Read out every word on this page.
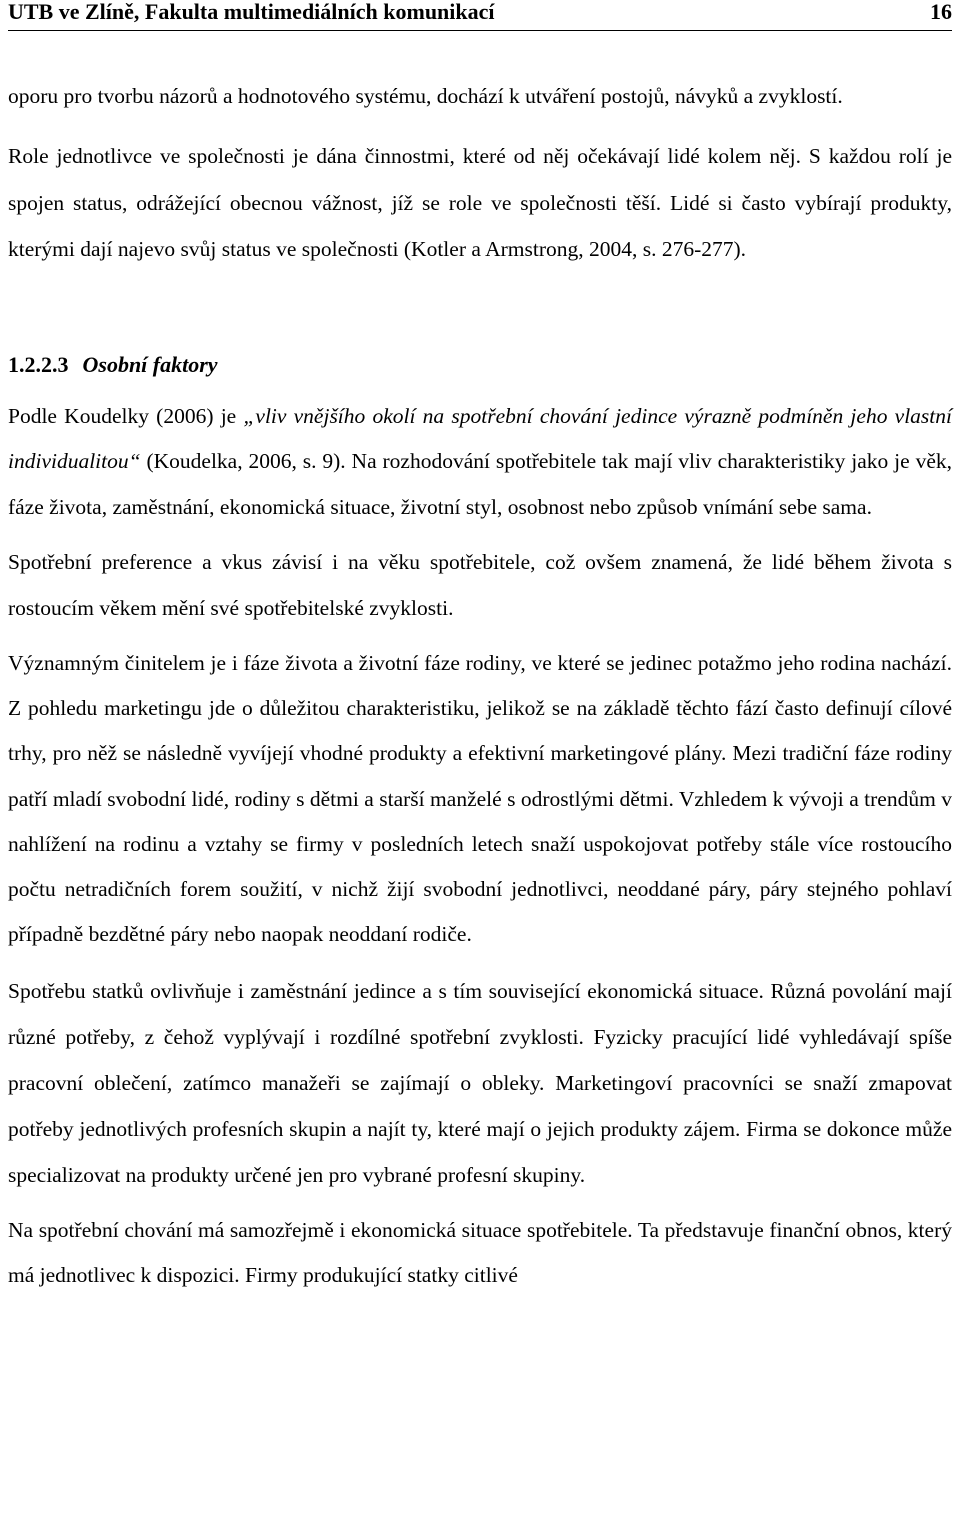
UTB ve Zlíně, Fakulta multimediálních komunikací	16

oporu pro tvorbu názorů a hodnotového systému, dochází k utváření postojů, návyků a zvyklostí.

Role jednotlivce ve společnosti je dána činnostmi, které od něj očekávají lidé kolem něj. S každou rolí je spojen status, odrážející obecnou vážnost, jíž se role ve společnosti těší. Lidé si často vybírají produkty, kterými dají najevo svůj status ve společnosti (Kotler a Armstrong, 2004, s. 276-277).

1.2.2.3 Osobní faktory

Podle Koudelky (2006) je „vliv vnějšího okolí na spotřební chování jedince výrazně podmíněn jeho vlastní individualitou“ (Koudelka, 2006, s. 9). Na rozhodování spotřebitele tak mají vliv charakteristiky jako je věk, fáze života, zaměstnání, ekonomická situace, životní styl, osobnost nebo způsob vnímání sebe sama.

Spotřební preference a vkus závisí i na věku spotřebitele, což ovšem znamená, že lidé během života s rostoucím věkem mění své spotřebitelské zvyklosti.

Významným činitelem je i fáze života a životní fáze rodiny, ve které se jedinec potažmo jeho rodina nachází. Z pohledu marketingu jde o důležitou charakteristiku, jelikož se na základě těchto fází často definují cílové trhy, pro něž se následně vyvíjejí vhodné produkty a efektivní marketingové plány. Mezi tradiční fáze rodiny patří mladí svobodní lidé, rodiny s dětmi a starší manželé s odrostlými dětmi. Vzhledem k vývoji a trendům v nahlížení na rodinu a vztahy se firmy v posledních letech snaží uspokojovat potřeby stále více rostoucího počtu netradičních forem soužití, v nichž žijí svobodní jednotlivci, neoddané páry, páry stejného pohlaví případně bezdětné páry nebo naopak neoddaní rodiče.

Spotřebu statků ovlivňuje i zaměstnání jedince a s tím související ekonomická situace. Různá povolání mají různé potřeby, z čehož vyplývají i rozdílné spotřební zvyklosti. Fyzicky pracující lidé vyhledávají spíše pracovní oblečení, zatímco manažeři se zajímají o obleky. Marketingoví pracovníci se snaží zmapovat potřeby jednotlivých profesních skupin a najít ty, které mají o jejich produkty zájem. Firma se dokonce může specializovat na produkty určené jen pro vybrané profesní skupiny.

Na spotřební chování má samozřejmě i ekonomická situace spotřebitele. Ta představuje finanční obnos, který má jednotlivec k dispozici. Firmy produkující statky citlivé
